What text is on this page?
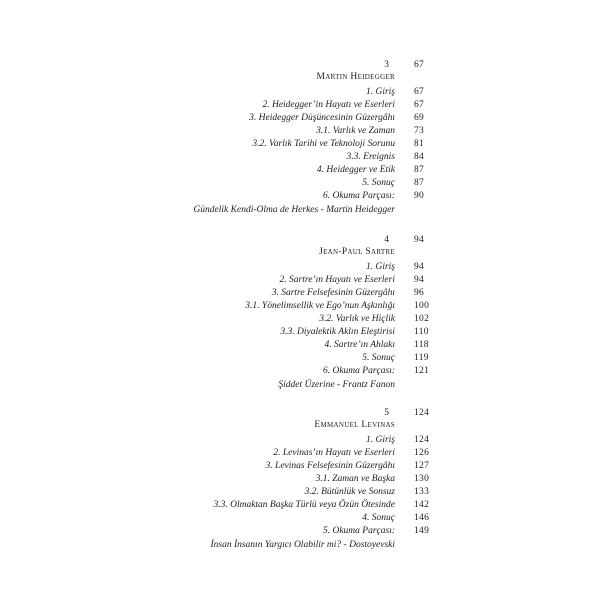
3	67
Martin Heidegger
1. Giriş 67
2. Heidegger’in Hayatı ve Eserleri 67
3. Heidegger Düşüncesinin Güzergâhı 69
3.1. Varlık ve Zaman 73
3.2. Varlık Tarihi ve Teknoloji Sorunu 81
3.3. Ereignis 84
4. Heidegger ve Etik 87
5. Sonuç 87
6. Okuma Parçası: 90
Gündelik Kendi-Olma de Herkes - Martin Heidegger
4	94
Jean-Paul Sartre
1. Giriş 94
2. Sartre’ın Hayatı ve Eserleri 94
3. Sartre Felsefesinin Güzergâhı 96
3.1. Yönelimsellik ve Ego’nun Aşkınlığı 100
3.2. Varlık ve Hiçlik 102
3.3. Diyalektik Aklın Eleştirisi 110
4. Sartre’ın Ahlakı 118
5. Sonuç 119
6. Okuma Parçası: 121
Şiddet Üzerine - Frantz Fanon
5	124
Emmanuel Levinas
1. Giriş 124
2. Levinas’ın Hayatı ve Eserleri 126
3. Levinas Felsefesinin Güzergâhı 127
3.1. Zaman ve Başka 130
3.2. Bütünlük ve Sonsuz 133
3.3. Olmaktan Başka Türlü veya Özün Ötesinde 142
4. Sonuç 146
5. Okuma Parçası: 149
İnsan İnsanın Yargıcı Olabilir mi? - Dostoyevski
